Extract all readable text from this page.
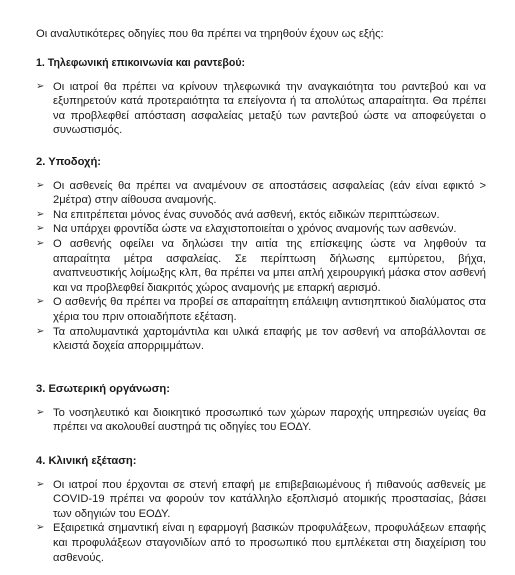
Οι αναλυτικότερες οδηγίες που θα πρέπει να τηρηθούν έχουν ως εξής:
1. Τηλεφωνική επικοινωνία και ραντεβού:
➢ Οι ιατροί θα πρέπει να κρίνουν τηλεφωνικά την αναγκαιότητα του ραντεβού και να εξυπηρετούν κατά προτεραιότητα τα επείγοντα ή τα απολύτως απαραίτητα. Θα πρέπει να προβλεφθεί απόσταση ασφαλείας μεταξύ των ραντεβού ώστε να αποφεύγεται ο συνωστισμός.
2. Υποδοχή:
➢ Οι ασθενείς θα πρέπει να αναμένουν σε αποστάσεις ασφαλείας (εάν είναι εφικτό > 2μέτρα) στην αίθουσα αναμονής.
➢ Να επιτρέπεται μόνος ένας συνοδός ανά ασθενή, εκτός ειδικών περιπτώσεων.
➢ Να υπάρχει φροντίδα ώστε να ελαχιστοποιείται ο χρόνος αναμονής των ασθενών.
➢ Ο ασθενής οφείλει να δηλώσει την αιτία της επίσκεψης ώστε να ληφθούν τα απαραίτητα μέτρα ασφαλείας. Σε περίπτωση δήλωσης εμπύρετου, βήχα, αναπνευστικής λοίμωξης κλπ, θα πρέπει να μπει απλή χειρουργική μάσκα στον ασθενή και να προβλεφθεί διακριτός χώρος αναμονής με επαρκή αερισμό.
➢ Ο ασθενής θα πρέπει να προβεί σε απαραίτητη επάλειψη αντισηπτικού διαλύματος στα χέρια του πριν οποιαδήποτε εξέταση.
➢ Τα απολυμαντικά χαρτομάντιλα και υλικά επαφής με τον ασθενή να αποβάλλονται σε κλειστά δοχεία απορριμμάτων.
3. Εσωτερική οργάνωση:
➢ Το νοσηλευτικό και διοικητικό προσωπικό των χώρων παροχής υπηρεσιών υγείας θα πρέπει να ακολουθεί αυστηρά τις οδηγίες του ΕΟΔΥ.
4. Κλινική εξέταση:
➢ Οι ιατροί που έρχονται σε στενή επαφή με επιβεβαιωμένους ή πιθανούς ασθενείς με COVID-19 πρέπει να φορούν τον κατάλληλο εξοπλισμό ατομικής προστασίας, βάσει των οδηγιών του ΕΟΔΥ.
➢ Εξαιρετικά σημαντική είναι η εφαρμογή βασικών προφυλάξεων, προφυλάξεων επαφής και προφυλάξεων σταγονιδίων από το προσωπικό που εμπλέκεται στη διαχείριση του ασθενούς.
